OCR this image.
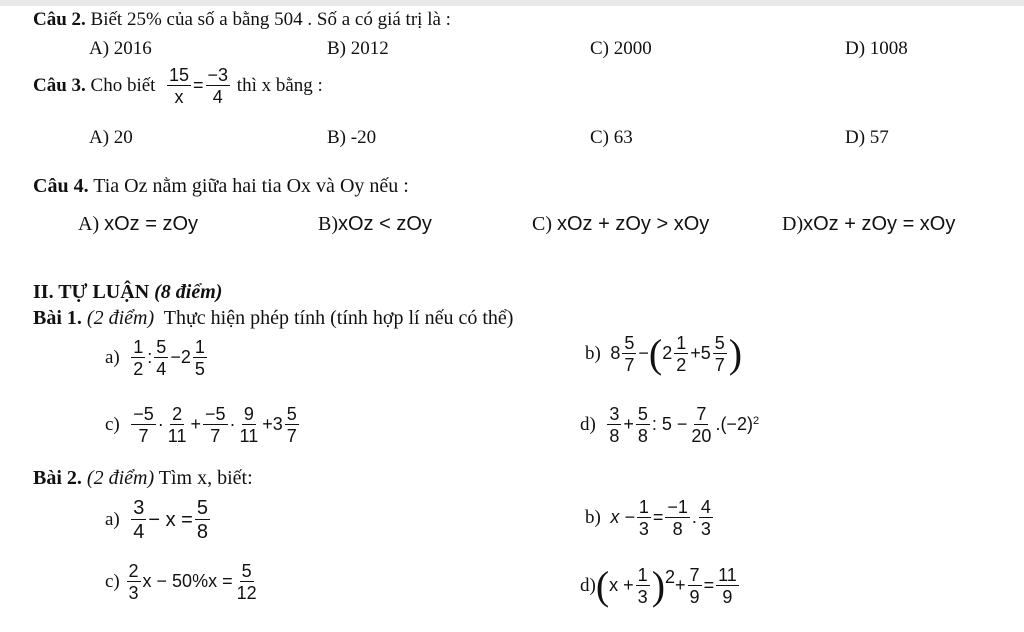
Câu 2. Biết 25% của số a bằng 504 . Số a có giá trị là :
A) 2016	B) 2012	C) 2000	D) 1008
Câu 3.
Cho biết
$\frac{15}{x} = \frac{-3}{4}$
thì x bằng :
A) 20	B) -20	C) 63	D) 57
Câu 4. Tia Oz nằm giữa hai tia Ox và Oy nếu :
A) xOz = zOy	B)xOz < zOy	C) xOz + zOy > xOy	D)xOz + zOy = xOy
II. TỰ LUẬN (8 điểm)
Bài 1. (2 điểm) Thực hiện phép tính (tính hợp lí nếu có thể)
a)
$\frac{1}{2}$ : $\frac{5}{4} -2 \frac{1}{5}$	b)
$8 \frac{5}{7}$ − ( $2 \frac{1}{2} +5 \frac{5}{7}$ )
c)
$\frac{-5}{7} \cdot \frac{2}{11} + \frac{-5}{7} \cdot \frac{9}{11} +3 \frac{5}{7}$	d)
$\frac{3}{8} + \frac{5}{8}$ : $5 - \frac{7}{20} .(-2)^2$
Bài 2. (2 điểm) Tìm x, biết:
a)
$\frac{3}{4} - x = \frac{5}{8}$	b)
$x - \frac{1}{3} = \frac{-1}{8}$ . $\frac{4}{3}$
c)
$\frac{2}{3}$ $x - 50\%x = \frac{5}{12}$	d) ( $x + \frac{1}{3}$ ) $2 + \frac{7}{9} = \frac{11}{9}$
